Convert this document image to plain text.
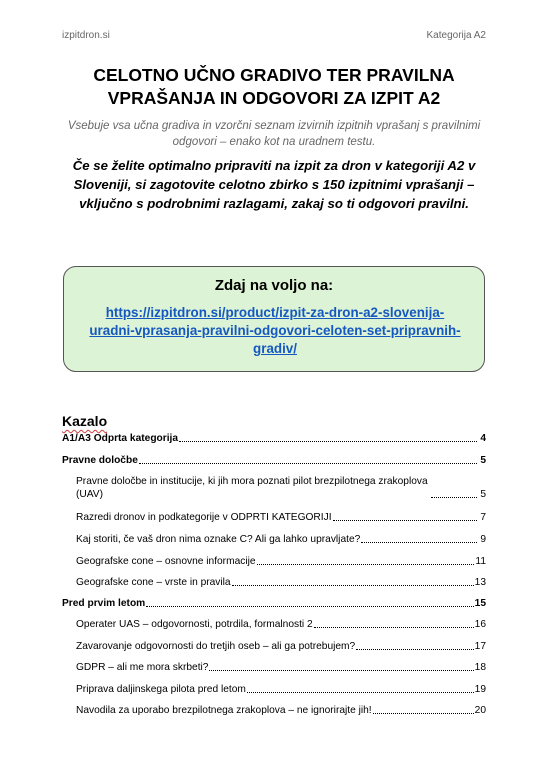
izpitdron.si	Kategorija A2
CELOTNO UČNO GRADIVO TER PRAVILNA VPRAŠANJA IN ODGOVORI ZA IZPIT A2
Vsebuje vsa učna gradiva in vzorčni seznam izvirnih izpitnih vprašanj s pravilnimi odgovori – enako kot na uradnem testu.
Če se želite optimalno pripraviti na izpit za dron v kategoriji A2 v Sloveniji, si zagotovite celotno zbirko s 150 izpitnimi vprašanji – vključno s podrobnimi razlagami, zakaj so ti odgovori pravilni.
Zdaj na voljo na:
https://izpitdron.si/product/izpit-za-dron-a2-slovenija-uradni-vprasanja-pravilni-odgovori-celoten-set-pripravnih-gradiv/
Kazalo
A1/A3 Odprta kategorija	4
Pravne določbe	5
Pravne določbe in institucije, ki jih mora poznati pilot brezpilotnega zrakoplova (UAV)	5
Razredi dronov in podkategorije v ODPRTI KATEGORIJI	7
Kaj storiti, če vaš dron nima oznake C? Ali ga lahko upravljate?	9
Geografske cone – osnovne informacije	11
Geografske cone – vrste in pravila	13
Pred prvim letom	15
Operater UAS – odgovornosti, potrdila, formalnosti 2	16
Zavarovanje odgovornosti do tretjih oseb – ali ga potrebujem?	17
GDPR – ali me mora skrbeti?	18
Priprava daljinskega pilota pred letom	19
Navodila za uporabo brezpilotnega zrakoplova – ne ignorirajte jih!	20
